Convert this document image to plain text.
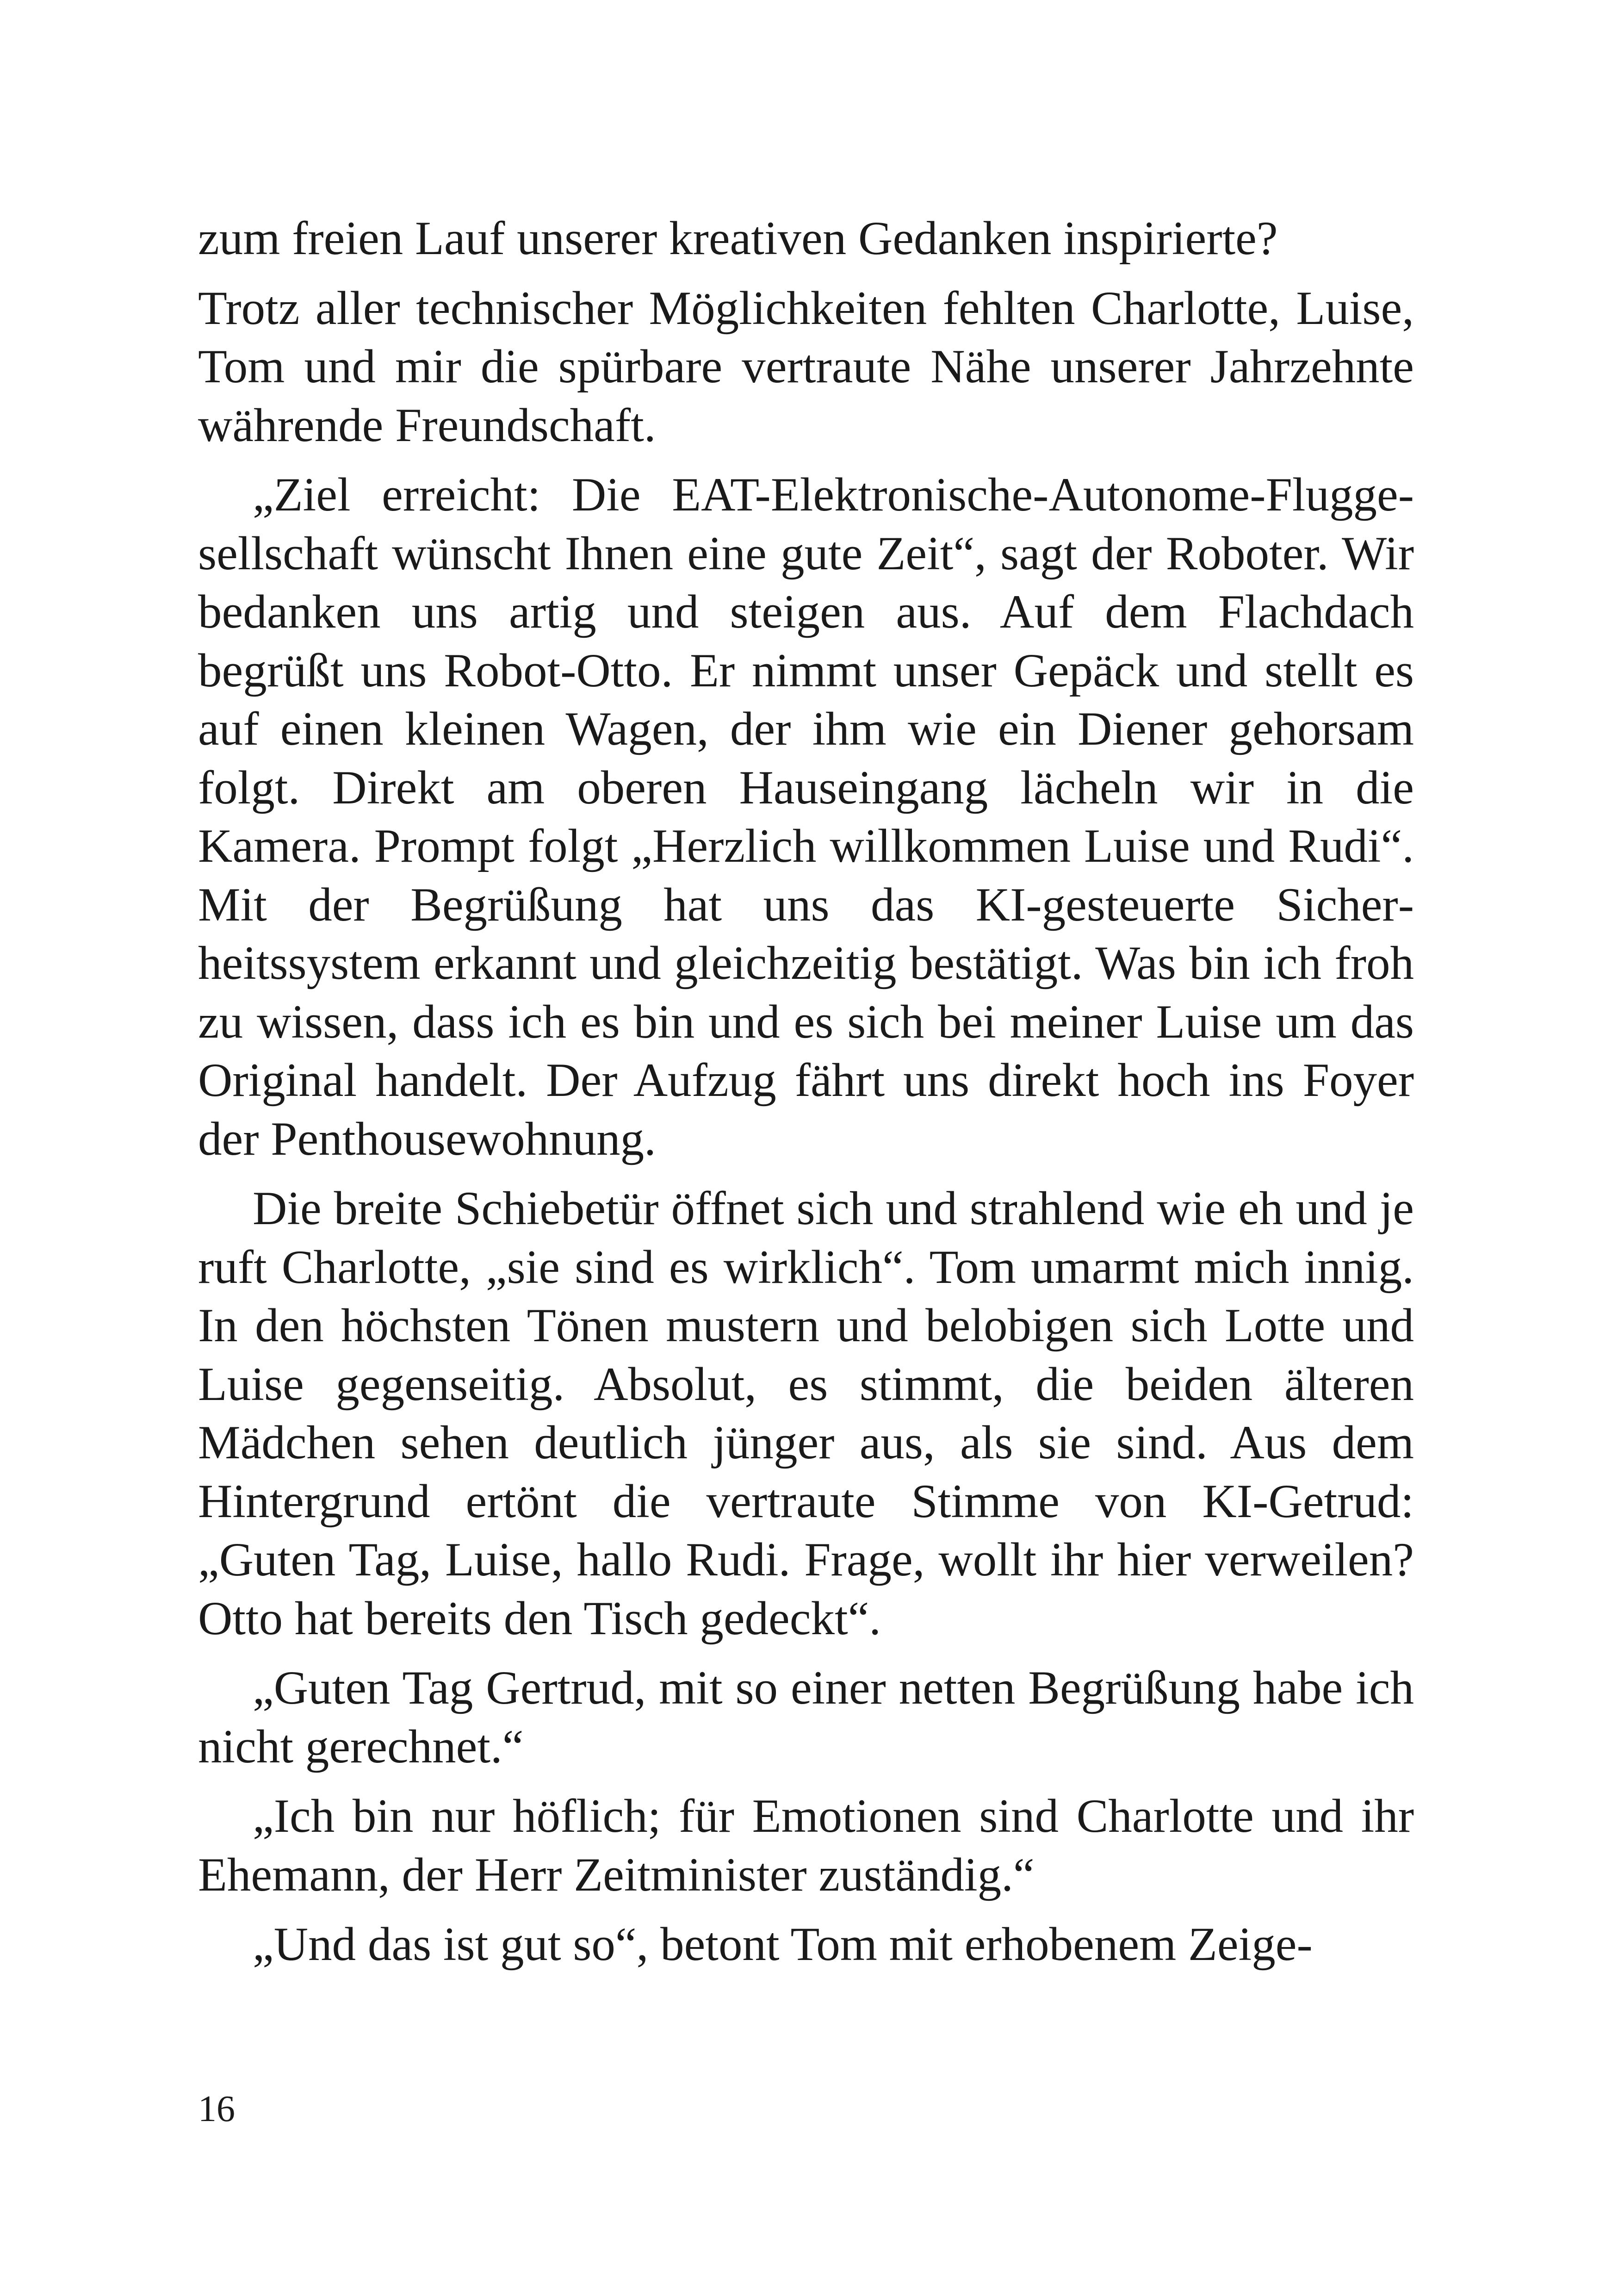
zum freien Lauf unserer kreativen Gedanken inspirierte?

Trotz aller technischer Möglichkeiten fehlten Charlotte, Luise, Tom und mir die spürbare vertraute Nähe unserer Jahrzehnte währende Freundschaft.

„Ziel erreicht: Die EAT-Elektronische-Autonome-Fluggesellschaft wünscht Ihnen eine gute Zeit“, sagt der Roboter. Wir bedanken uns artig und steigen aus. Auf dem Flachdach begrüßt uns Robot-Otto. Er nimmt unser Gepäck und stellt es auf einen kleinen Wagen, der ihm wie ein Diener gehorsam folgt. Direkt am oberen Hauseingang lächeln wir in die Kamera. Prompt folgt „Herzlich willkommen Luise und Rudi“. Mit der Begrüßung hat uns das KI-gesteuerte Sicherheitssystem erkannt und gleichzeitig bestätigt. Was bin ich froh zu wissen, dass ich es bin und es sich bei meiner Luise um das Original handelt. Der Aufzug fährt uns direkt hoch ins Foyer der Penthousewohnung.

Die breite Schiebetür öffnet sich und strahlend wie eh und je ruft Charlotte, „sie sind es wirklich“. Tom umarmt mich innig. In den höchsten Tönen mustern und belobigen sich Lotte und Luise gegenseitig. Absolut, es stimmt, die beiden älteren Mädchen sehen deutlich jünger aus, als sie sind. Aus dem Hintergrund ertönt die vertraute Stimme von KI-Getrud: „Guten Tag, Luise, hallo Rudi. Frage, wollt ihr hier verweilen? Otto hat bereits den Tisch gedeckt“.

„Guten Tag Gertrud, mit so einer netten Begrüßung habe ich nicht gerechnet.“

„Ich bin nur höflich; für Emotionen sind Charlotte und ihr Ehemann, der Herr Zeitminister zuständig.“

„Und das ist gut so“, betont Tom mit erhobenem Zeige-

16
